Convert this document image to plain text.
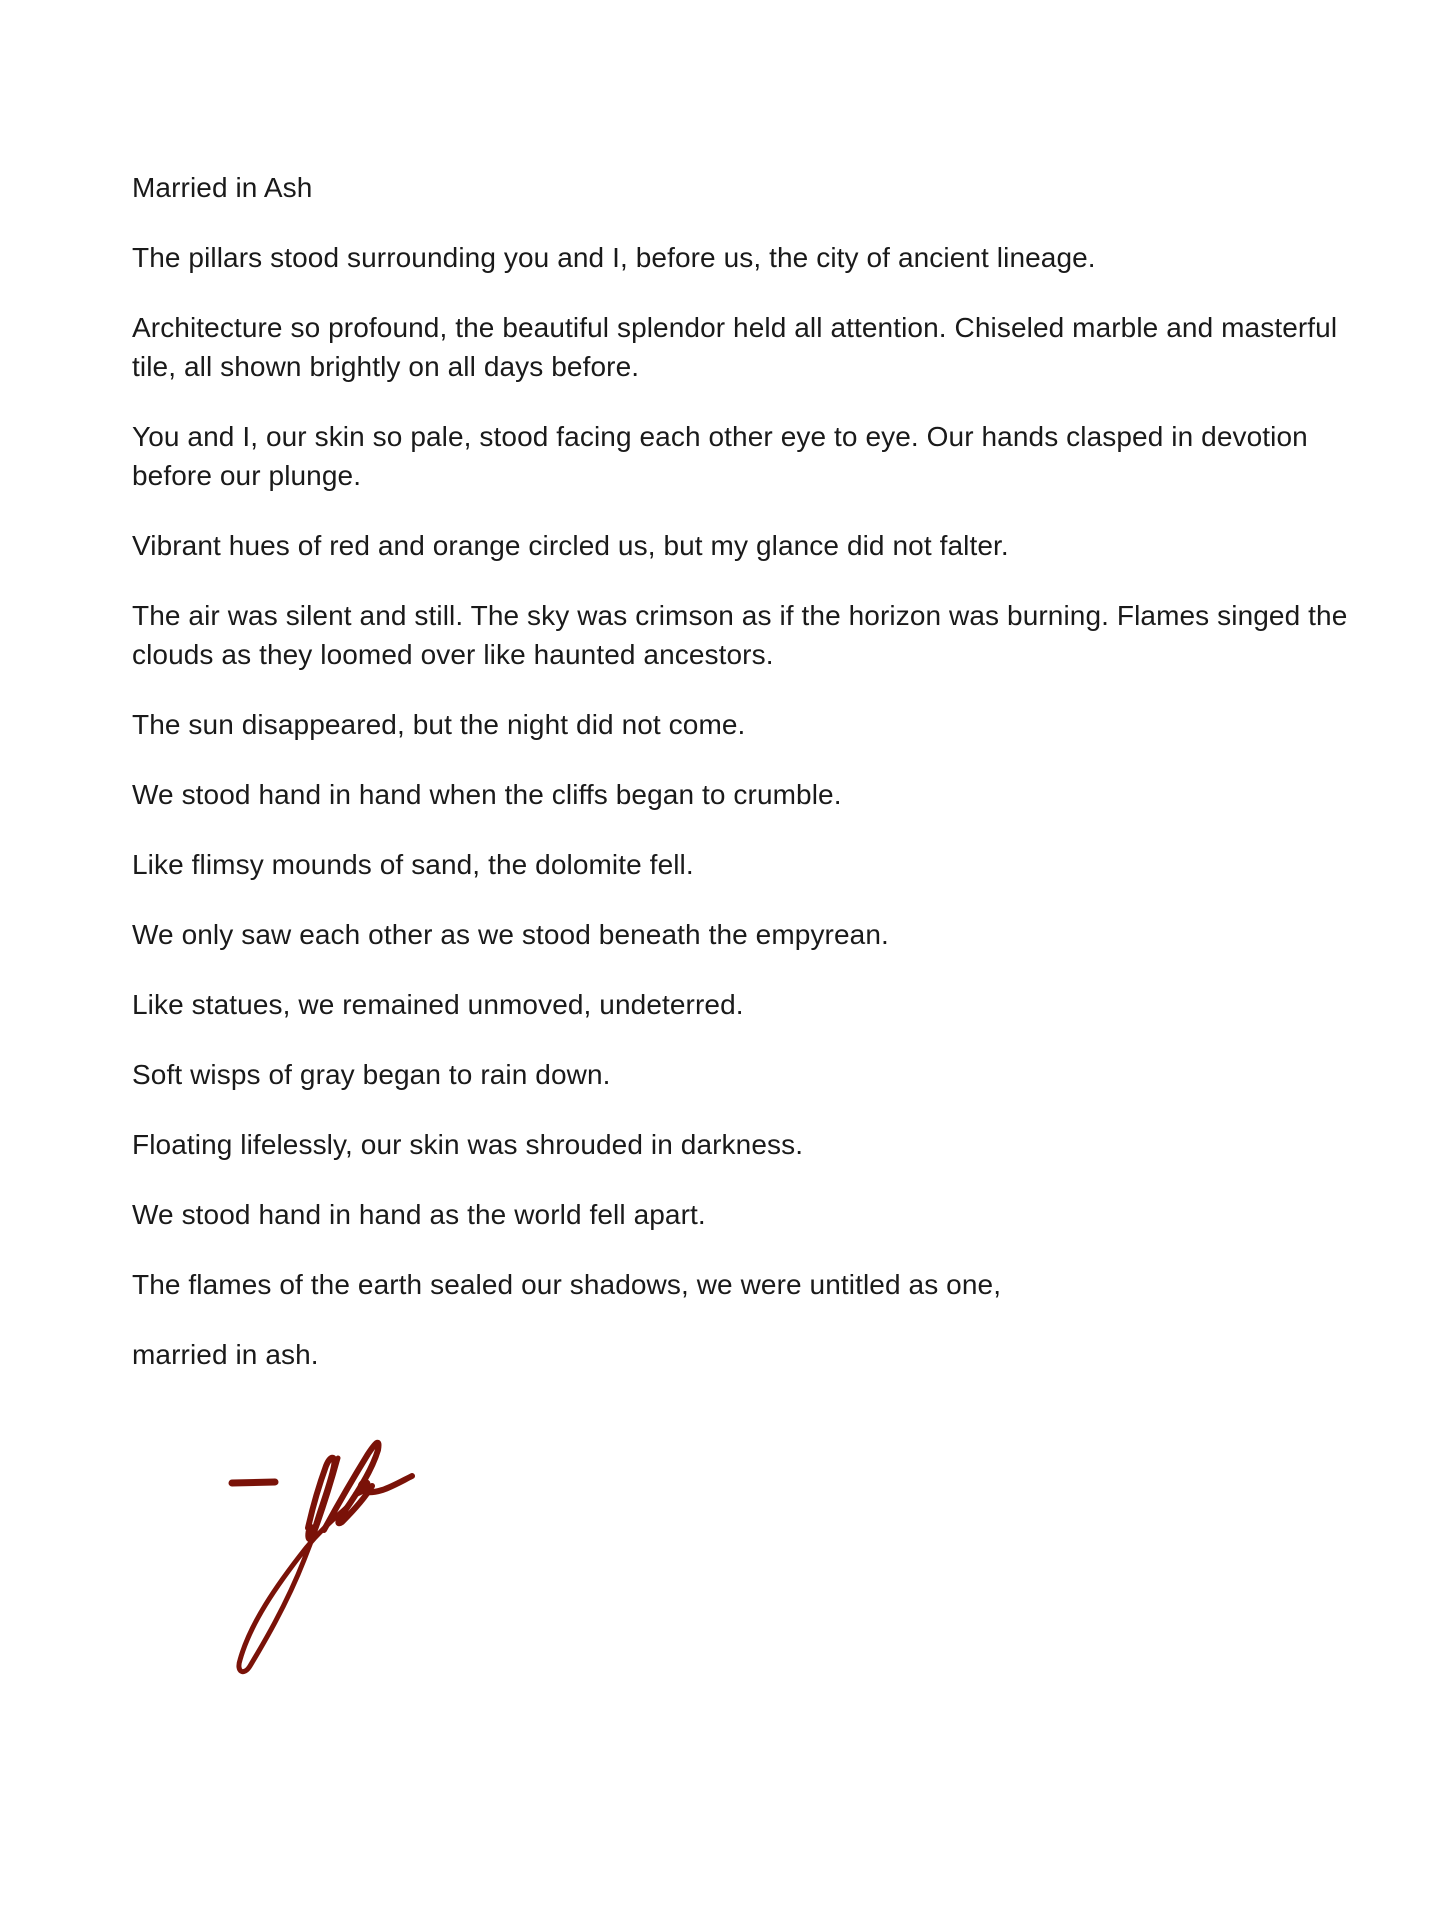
Married in Ash

The pillars stood surrounding you and I, before us, the city of ancient lineage.

Architecture so profound, the beautiful splendor held all attention. Chiseled marble and masterful tile, all shown brightly on all days before.

You and I, our skin so pale, stood facing each other eye to eye. Our hands clasped in devotion before our plunge.

Vibrant hues of red and orange circled us, but my glance did not falter.

The air was silent and still. The sky was crimson as if the horizon was burning. Flames singed the clouds as they loomed over like haunted ancestors.

The sun disappeared, but the night did not come.

We stood hand in hand when the cliffs began to crumble.

Like flimsy mounds of sand, the dolomite fell.

We only saw each other as we stood beneath the empyrean.

Like statues, we remained unmoved, undeterred.

Soft wisps of gray began to rain down.

Floating lifelessly, our skin was shrouded in darkness.

We stood hand in hand as the world fell apart.

The flames of the earth sealed our shadows, we were untitled as one,

married in ash.
